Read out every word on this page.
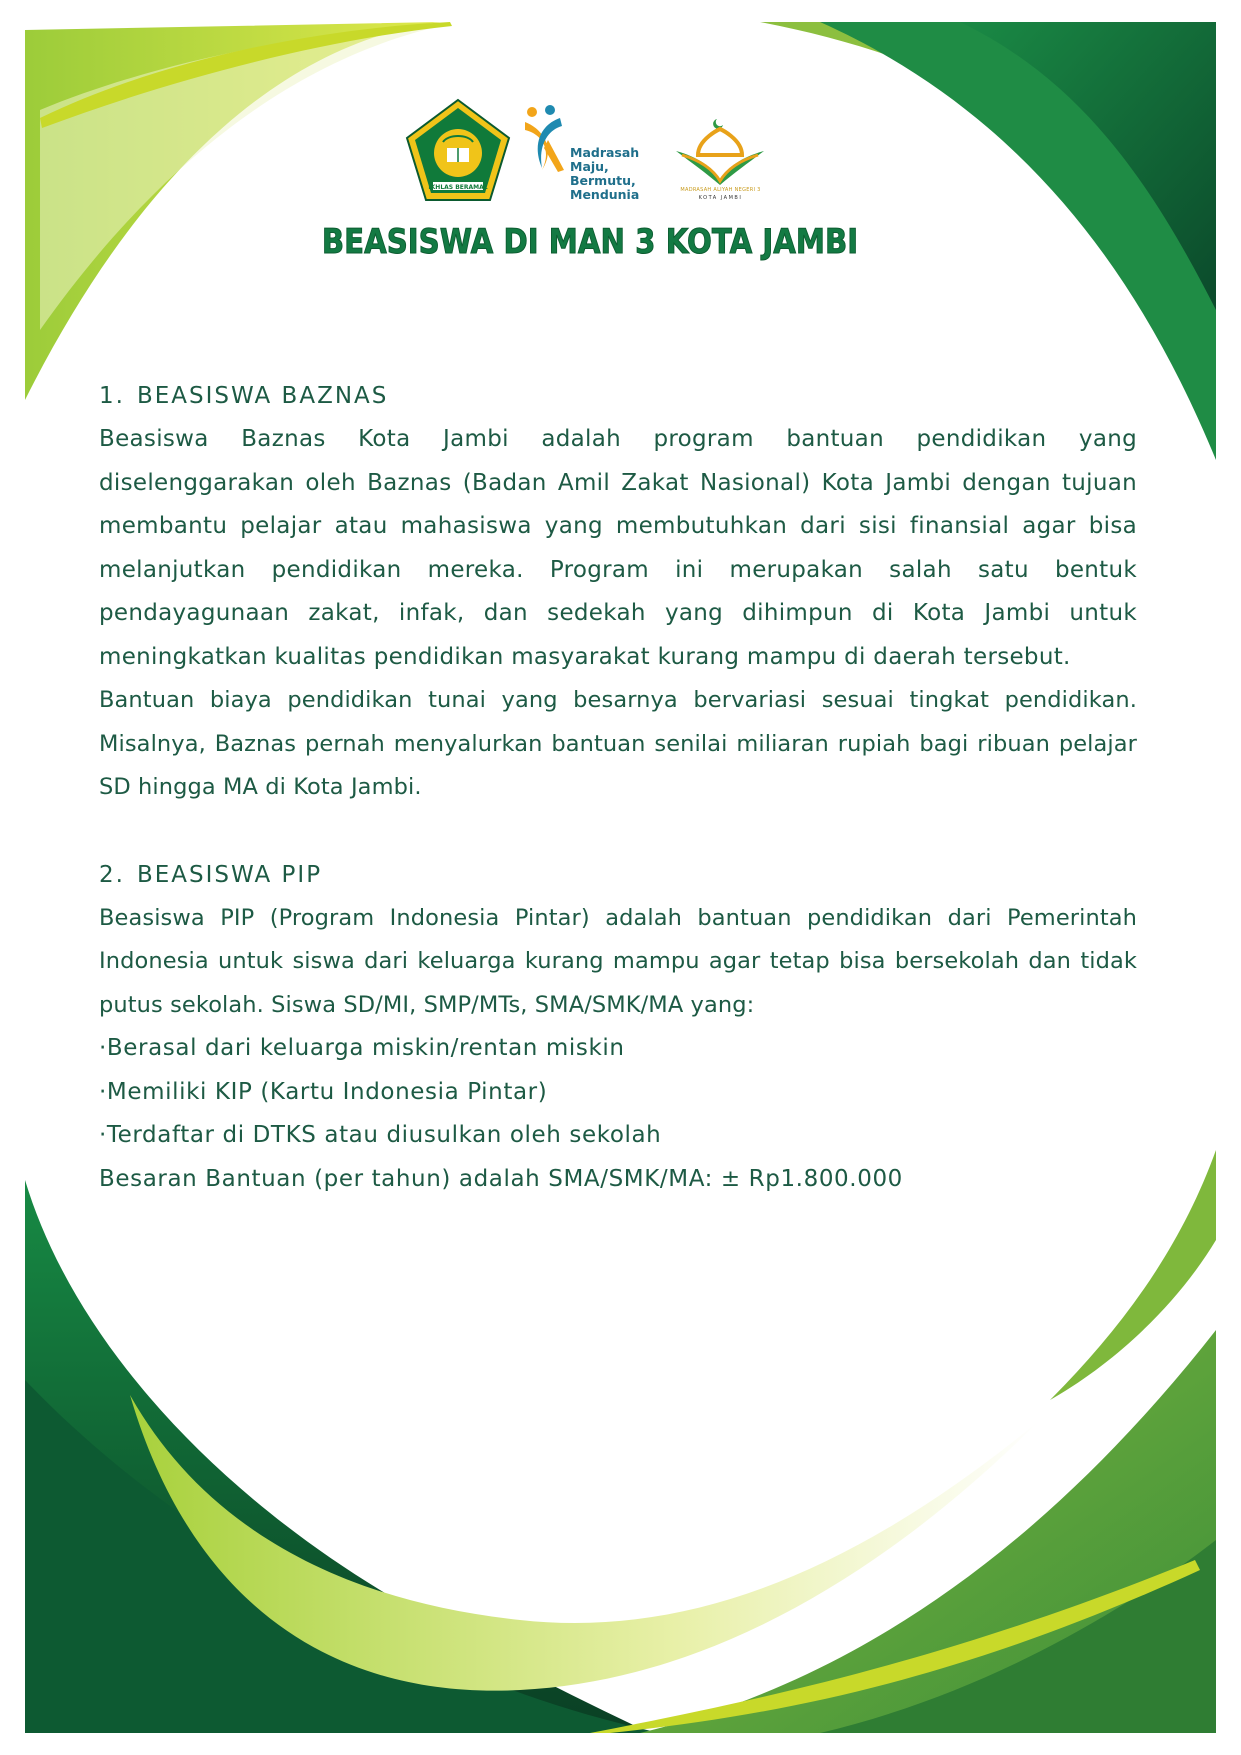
IKHLAS BERAMAL
Madrasah Maju,
Bermutu,
Mendunia	MADRASAH ALIYAH NEGERI 3
KOTA JAMBI
BEASISWA DI MAN 3 KOTA JAMBI
1. BEASISWA BAZNAS

Beasiswa Baznas Kota Jambi adalah program bantuan pendidikan yang diselenggarakan oleh Baznas (Badan Amil Zakat Nasional) Kota Jambi dengan tujuan membantu pelajar atau mahasiswa yang membutuhkan dari sisi finansial agar bisa melanjutkan pendidikan mereka. Program ini merupakan salah satu bentuk pendayagunaan zakat, infak, dan sedekah yang dihimpun di Kota Jambi untuk meningkatkan kualitas pendidikan masyarakat kurang mampu di daerah tersebut.

Bantuan biaya pendidikan tunai yang besarnya bervariasi sesuai tingkat pendidikan. Misalnya, Baznas pernah menyalurkan bantuan senilai miliaran rupiah bagi ribuan pelajar SD hingga MA di Kota Jambi.

2. BEASISWA PIP

Beasiswa PIP (Program Indonesia Pintar) adalah bantuan pendidikan dari Pemerintah Indonesia untuk siswa dari keluarga kurang mampu agar tetap bisa bersekolah dan tidak putus sekolah. Siswa SD/MI, SMP/MTs, SMA/SMK/MA yang:

·Berasal dari keluarga miskin/rentan miskin
·Memiliki KIP (Kartu Indonesia Pintar)
·Terdaftar di DTKS atau diusulkan oleh sekolah
Besaran Bantuan (per tahun) adalah SMA/SMK/MA: ± Rp1.800.000
